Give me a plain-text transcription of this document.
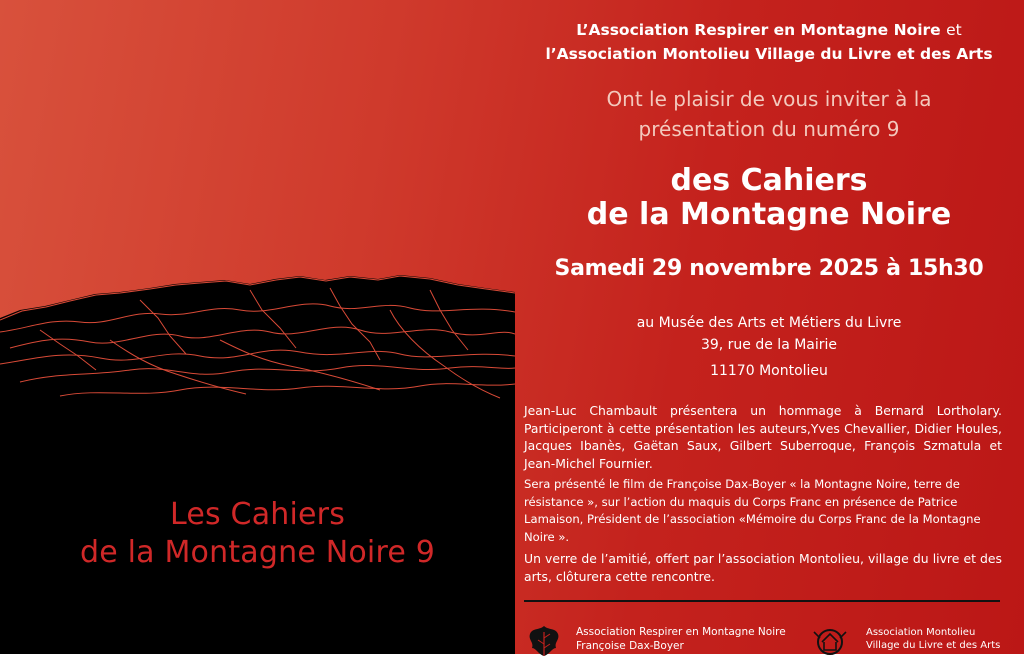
Les Cahiers
de la Montagne Noire 9
L’Association Respirer en Montagne Noire et
l’Association Montolieu Village du Livre et des Arts
Ont le plaisir de vous inviter à la
présentation du numéro 9
des Cahiers
de la Montagne Noire
Samedi 29 novembre 2025 à 15h30
au Musée des Arts et Métiers du Livre
39, rue de la Mairie
11170 Montolieu

Jean-Luc Chambault présentera un hommage à Bernard Lortholary. Participeront à cette présentation les auteurs,Yves Chevallier, Didier Houles, Jacques Ibanès, Gaëtan Saux, Gilbert Suberroque, François Szmatula et Jean-Michel Fournier.

Sera présenté le film de Françoise Dax-Boyer « la Montagne Noire, terre de résistance », sur l’action du maquis du Corps Franc en présence de Patrice Lamaison, Président de l’association «Mémoire du Corps Franc de la Montagne Noire ».

Un verre de l’amitié, offert par l’association Montolieu, village du livre et des arts, clôturera cette rencontre.

Association Respirer en Montagne Noire
Françoise Dax-Boyer
Association Montolieu
Village du Livre et des Arts
